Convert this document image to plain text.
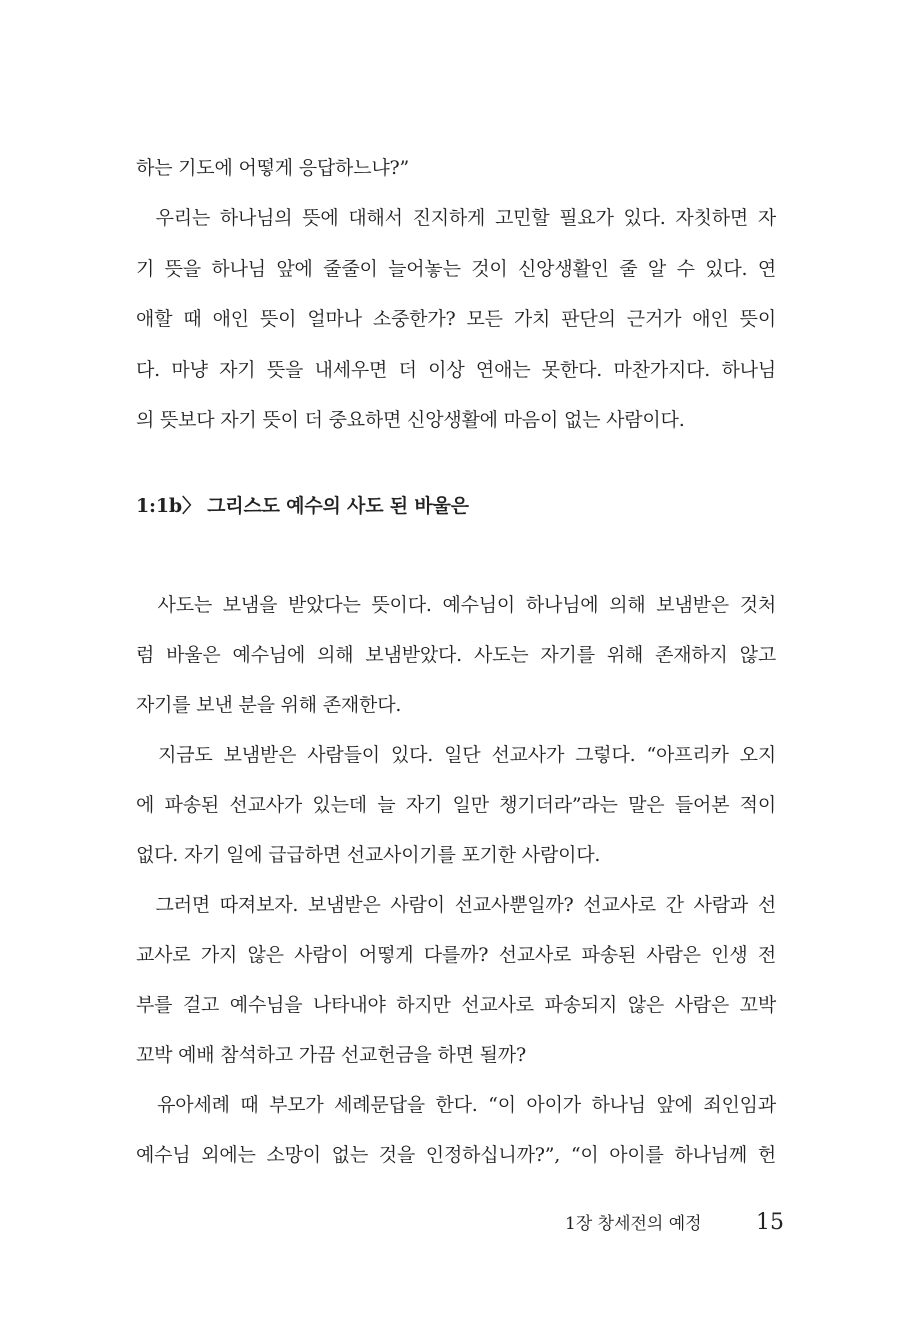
하는 기도에 어떻게 응답하느냐?”
우리는 하나님의 뜻에 대해서 진지하게 고민할 필요가 있다. 자칫하면 자
기 뜻을 하나님 앞에 줄줄이 늘어놓는 것이 신앙생활인 줄 알 수 있다. 연
애할 때 애인 뜻이 얼마나 소중한가? 모든 가치 판단의 근거가 애인 뜻이
다. 마냥 자기 뜻을 내세우면 더 이상 연애는 못한다. 마찬가지다. 하나님
의 뜻보다 자기 뜻이 더 중요하면 신앙생활에 마음이 없는 사람이다.
1:1b〉 그리스도 예수의 사도 된 바울은
사도는 보냄을 받았다는 뜻이다. 예수님이 하나님에 의해 보냄받은 것처
럼 바울은 예수님에 의해 보냄받았다. 사도는 자기를 위해 존재하지 않고
자기를 보낸 분을 위해 존재한다.
지금도 보냄받은 사람들이 있다. 일단 선교사가 그렇다. “아프리카 오지
에 파송된 선교사가 있는데 늘 자기 일만 챙기더라”라는 말은 들어본 적이
없다. 자기 일에 급급하면 선교사이기를 포기한 사람이다.
그러면 따져보자. 보냄받은 사람이 선교사뿐일까? 선교사로 간 사람과 선
교사로 가지 않은 사람이 어떻게 다를까? 선교사로 파송된 사람은 인생 전
부를 걸고 예수님을 나타내야 하지만 선교사로 파송되지 않은 사람은 꼬박
꼬박 예배 참석하고 가끔 선교헌금을 하면 될까?
유아세례 때 부모가 세례문답을 한다. “이 아이가 하나님 앞에 죄인임과
예수님 외에는 소망이 없는 것을 인정하십니까?”, “이 아이를 하나님께 헌
1장 창세전의 예정 15
